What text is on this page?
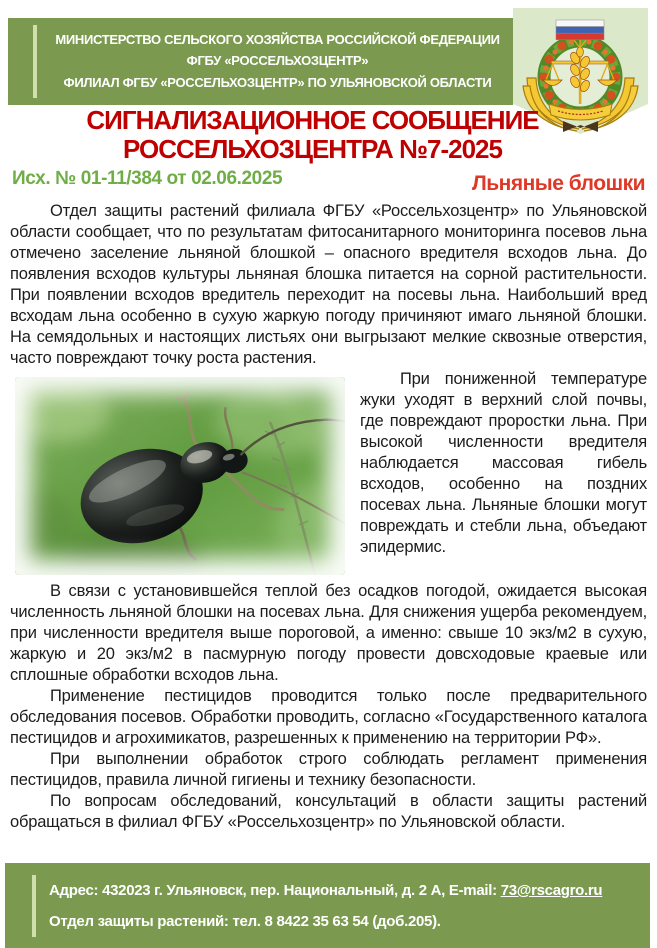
МИНИСТЕРСТВО СЕЛЬСКОГО ХОЗЯЙСТВА РОССИЙСКОЙ ФЕДЕРАЦИИ
ФГБУ «РОССЕЛЬХОЗЦЕНТР»
ФИЛИАЛ ФГБУ «РОССЕЛЬХОЗЦЕНТР» ПО УЛЬЯНОВСКОЙ ОБЛАСТИ
СИГНАЛИЗАЦИОННОЕ СООБЩЕНИЕ
РОССЕЛЬХОЗЦЕНТРА №7-2025
Исх. № 01-11/384 от 02.06.2025	Льняные блошки

Отдел защиты растений филиала ФГБУ «Россельхозцентр» по Ульяновской области сообщает, что по результатам фитосанитарного мониторинга посевов льна отмечено заселение льняной блошкой – опасного вредителя всходов льна. До появления всходов культуры льняная блошка питается на сорной растительности. При появлении всходов вредитель переходит на посевы льна. Наибольший вред всходам льна особенно в сухую жаркую погоду причиняют имаго льняной блошки. На семядольных и настоящих листьях они выгрызают мелкие сквозные отверстия, часто повреждают точку роста растения.

При пониженной температуре жуки уходят в верхний слой почвы, где повреждают проростки льна. При высокой численности вредителя наблюдается массовая гибель всходов, особенно на поздних посевах льна. Льняные блошки могут повреждать и стебли льна, объедают эпидермис.

В связи с установившейся теплой без осадков погодой, ожидается высокая численность льняной блошки на посевах льна. Для снижения ущерба рекомендуем, при численности вредителя выше пороговой, а именно: свыше 10 экз/м2 в сухую, жаркую и 20 экз/м2 в пасмурную погоду провести довсходовые краевые или сплошные обработки всходов льна.

Применение пестицидов проводится только после предварительного обследования посевов. Обработки проводить, согласно «Государственного каталога пестицидов и агрохимикатов, разрешенных к применению на территории РФ».

При выполнении обработок строго соблюдать регламент применения пестицидов, правила личной гигиены и технику безопасности.

По вопросам обследований, консультаций в области защиты растений обращаться в филиал ФГБУ «Россельхозцентр» по Ульяновской области.

Адрес: 432023 г. Ульяновск, пер. Национальный, д. 2 А, E-mail: 73@rscagro.ru
Отдел защиты растений: тел. 8 8422 35 63 54 (доб.205).
